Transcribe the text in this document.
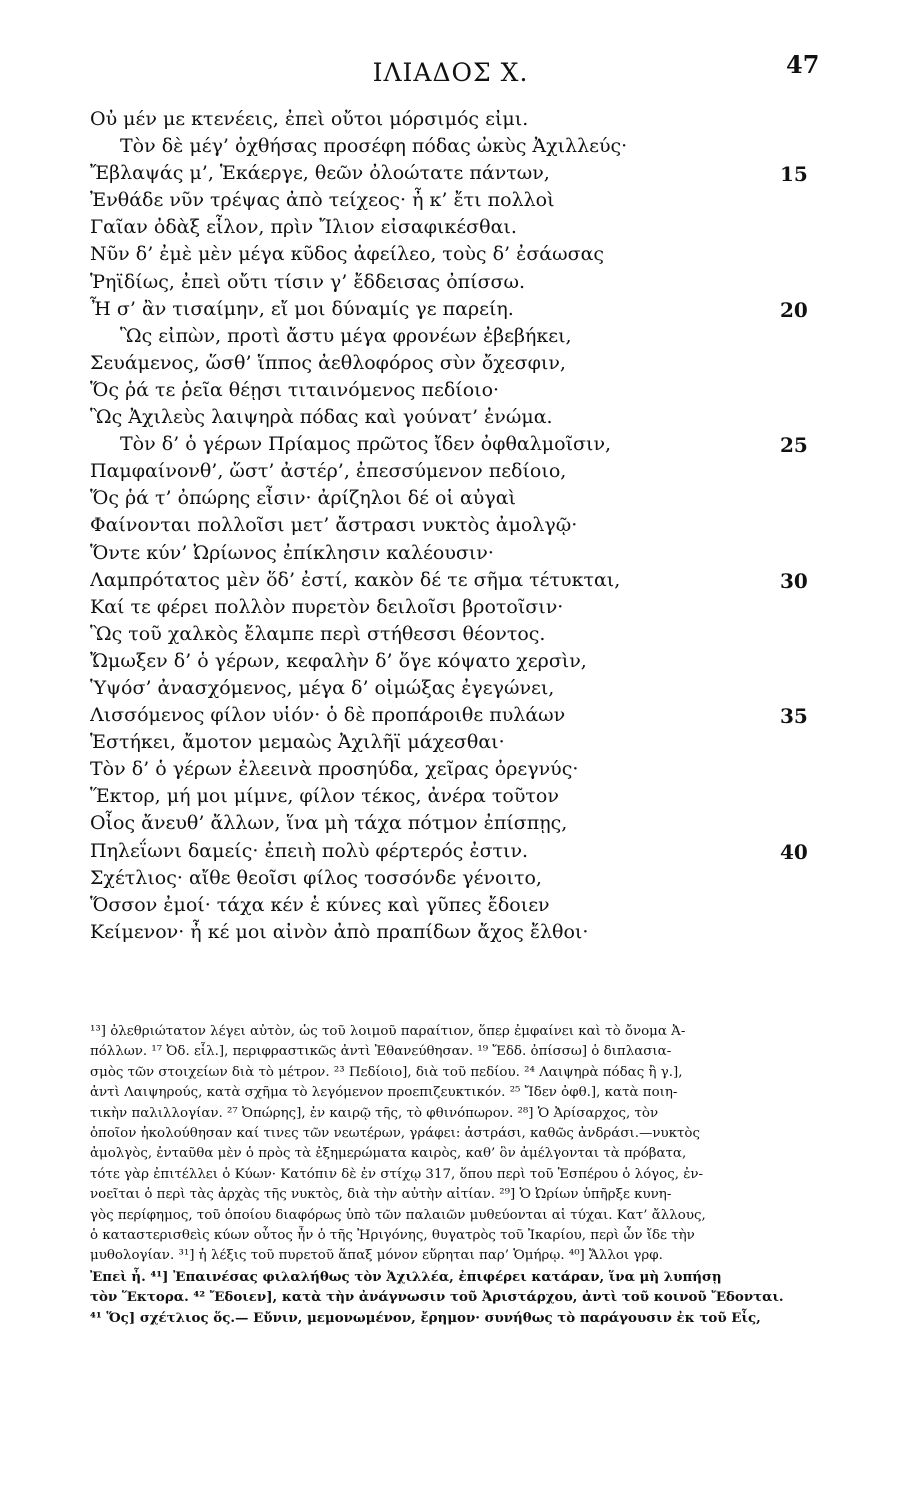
ΙΛΙΑΔΟΣ Χ.	47
Οὐ μέν με κτενέεις, ἐπεὶ οὔτοι μόρσιμός εἰμι.
Τὸν δὲ μέγ’ ὀχθήσας προσέφη πόδας ὠκὺς Ἀχιλλεύς·
Ἔβλαψάς μ’, Ἑκάεργε, θεῶν ὀλοώτατε πάντων,
Ἐνθάδε νῦν τρέψας ἀπὸ τείχεος· ἦ κ’ ἔτι πολλοὶ
Γαῖαν ὀδὰξ εἷλον, πρὶν Ἴλιον εἰσαφικέσθαι.
Νῦν δ’ ἐμὲ μὲν μέγα κῦδος ἀφείλεο, τοὺς δ’ ἐσάωσας
Ῥηϊδίως, ἐπεὶ οὔτι τίσιν γ’ ἔδδεισας ὀπίσσω.
Ἦ σ’ ἂν τισαίμην, εἴ μοι δύναμίς γε παρείη.
Ὣς εἰπὼν, προτὶ ἄστυ μέγα φρονέων ἐβεβήκει,
Σευάμενος, ὥσθ’ ἵππος ἀεθλοφόρος σὺν ὄχεσφιν,
Ὅς ῥά τε ῥεῖα θέῃσι τιταινόμενος πεδίοιο·
Ὣς Ἀχιλεὺς λαιψηρὰ πόδας καὶ γούνατ’ ἐνώμα.
Τὸν δ’ ὁ γέρων Πρίαμος πρῶτος ἴδεν ὀφθαλμοῖσιν,
Παμφαίνονθ’, ὥστ’ ἀστέρ’, ἐπεσσύμενον πεδίοιο,
Ὅς ῥά τ’ ὀπώρης εἶσιν· ἀρίζηλοι δέ οἱ αὐγαὶ
Φαίνονται πολλοῖσι μετ’ ἄστρασι νυκτὸς ἀμολγῷ·
Ὅντε κύν’ Ὠρίωνος ἐπίκλησιν καλέουσιν·
Λαμπρότατος μὲν ὅδ’ ἐστί, κακὸν δέ τε σῆμα τέτυκται,
Καί τε φέρει πολλὸν πυρετὸν δειλοῖσι βροτοῖσιν·
Ὣς τοῦ χαλκὸς ἔλαμπε περὶ στήθεσσι θέοντος.
Ὤμωξεν δ’ ὁ γέρων, κεφαλὴν δ’ ὅγε κόψατο χερσὶν,
Ὑψόσ’ ἀνασχόμενος, μέγα δ’ οἰμώξας ἐγεγώνει,
Λισσόμενος φίλον υἱόν· ὁ δὲ προπάροιθε πυλάων
Ἑστήκει, ἄμοτον μεμαὼς Ἀχιλῆϊ μάχεσθαι·
Τὸν δ’ ὁ γέρων ἐλεεινὰ προσηύδα, χεῖρας ὀρεγνύς·
Ἕκτορ, μή μοι μίμνε, φίλον τέκος, ἀνέρα τοῦτον
Οἶος ἄνευθ’ ἄλλων, ἵνα μὴ τάχα πότμον ἐπίσπῃς,
Πηλεΐωνι δαμείς· ἐπειὴ πολὺ φέρτερός ἐστιν.
Σχέτλιος· αἴθε θεοῖσι φίλος τοσσόνδε γένοιτο,
Ὅσσον ἐμοί· τάχα κέν ἑ κύνες καὶ γῦπες ἔδοιεν
Κείμενον· ἦ κέ μοι αἰνὸν ἀπὸ πραπίδων ἄχος ἔλθοι·
15
20
25
30
35
40
¹³] ὀλεθριώτατον λέγει αὐτὸν, ὡς τοῦ λοιμοῦ παραίτιον, ὅπερ ἐμφαίνει καὶ τὸ ὄνομα Ἀ-
πόλλων. ¹⁷ Ὀδ. εἷλ.], περιφραστικῶς ἀντὶ Ἐθανεύθησαν. ¹⁹ Ἔδδ. ὀπίσσω] ὁ διπλασια-
σμὸς τῶν στοιχείων διὰ τὸ μέτρον. ²³ Πεδίοιο], διὰ τοῦ πεδίου. ²⁴ Λαιψηρὰ πόδας ἢ γ.],
ἀντὶ Λαιψηρούς, κατὰ σχῆμα τὸ λεγόμενον προεπιζευκτικόν. ²⁵ Ἴδεν ὀφθ.], κατὰ ποιη-
τικὴν παλιλλογίαν. ²⁷ Ὀπώρης], ἐν καιρῷ τῆς, τὸ φθινόπωρον. ²⁸] Ὁ Ἀρίσαρχος, τὸν
ὁποῖον ἠκολούθησαν καί τινες τῶν νεωτέρων, γράφει: ἀστράσι, καθῶς ἀνδράσι.—νυκτὸς
ἀμολγὸς, ἐνταῦθα μὲν ὁ πρὸς τὰ ἐξημερώματα καιρὸς, καθ’ ὃν ἀμέλγονται τὰ πρόβατα,
τότε γὰρ ἐπιτέλλει ὁ Κύων· Κατόπιν δὲ ἐν στίχῳ 317, ὅπου περὶ τοῦ Ἑσπέρου ὁ λόγος, ἐν-
νοεῖται ὁ περὶ τὰς ἀρχὰς τῆς νυκτὸς, διὰ τὴν αὐτὴν αἰτίαν. ²⁹] Ὁ Ὠρίων ὑπῆρξε κυνη-
γὸς περίφημος, τοῦ ὁποίου διαφόρως ὑπὸ τῶν παλαιῶν μυθεύονται αἱ τύχαι. Κατ’ ἄλλους,
ὁ καταστερισθεὶς κύων οὗτος ἦν ὁ τῆς Ἠριγόνης, θυγατρὸς τοῦ Ἰκαρίου, περὶ ὧν ἴδε τὴν
μυθολογίαν. ³¹] ἡ λέξις τοῦ πυρετοῦ ἅπαξ μόνον εὕρηται παρ’ Ὁμήρῳ. ⁴⁰] Ἄλλοι γρφ.
Ἐπεὶ ἦ. ⁴¹] Ἐπαινέσας φιλαλήθως τὸν Ἀχιλλέα, ἐπιφέρει κατάραν, ἵνα μὴ λυπήσῃ
τὸν Ἕκτορα. ⁴² Ἔδοιεν], κατὰ τὴν ἀνάγνωσιν τοῦ Ἀριστάρχου, ἀντὶ τοῦ κοινοῦ Ἔδονται.
⁴¹ Ὅς] σχέτλιος ὅς.— Εὔνιν, μεμονωμένον, ἔρημον· συνήθως τὸ παράγουσιν ἐκ τοῦ Εἶς,
